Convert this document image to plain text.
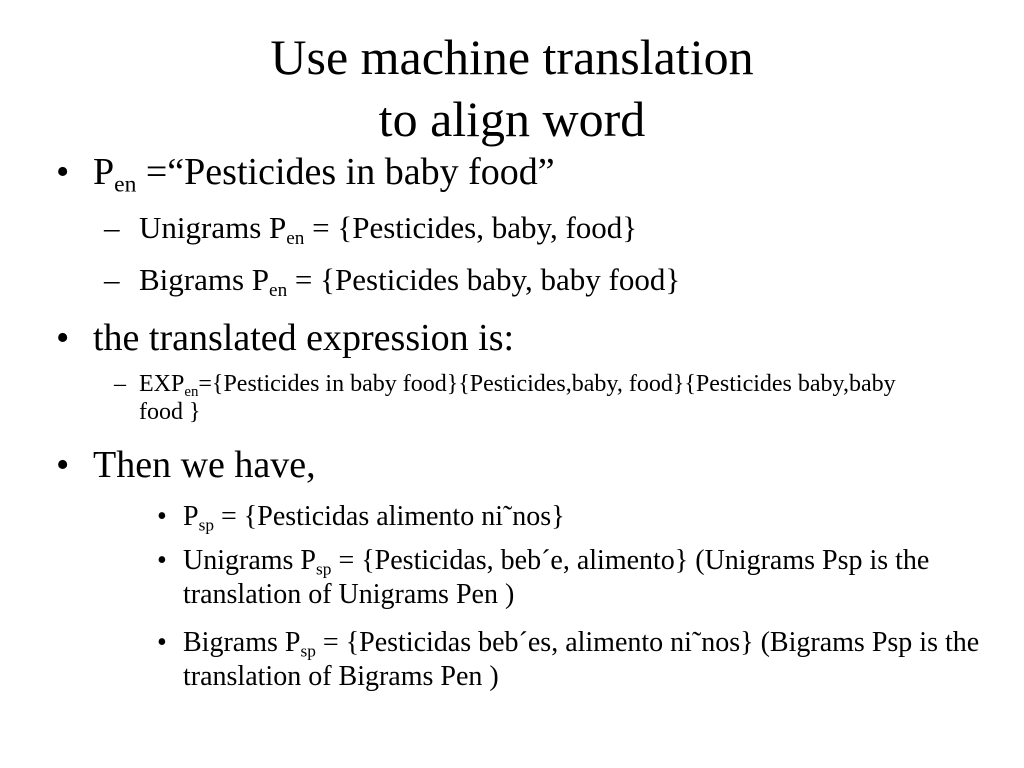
Use machine translation
to align word
• $P_{en}$ =“Pesticides in baby food”
– Unigrams $P_{en}$ = {Pesticides, baby, food}
– Bigrams $P_{en}$ = {Pesticides baby, baby food}
• the translated expression is:
– $EXP_{en}=\{Pesticides$ in baby food}{Pesticides,baby, food}{Pesticides baby,baby food }
• Then we have,
• $P_{sp}$ = {Pesticidas alimento ni˜nos}
• Unigrams $P_{sp}$ = {Pesticidas, beb´e, alimento} (Unigrams Psp is the translation of Unigrams Pen )
• Bigrams $P_{sp}$ = {Pesticidas beb´es, alimento ni˜nos} (Bigrams Psp is the translation of Bigrams Pen )
